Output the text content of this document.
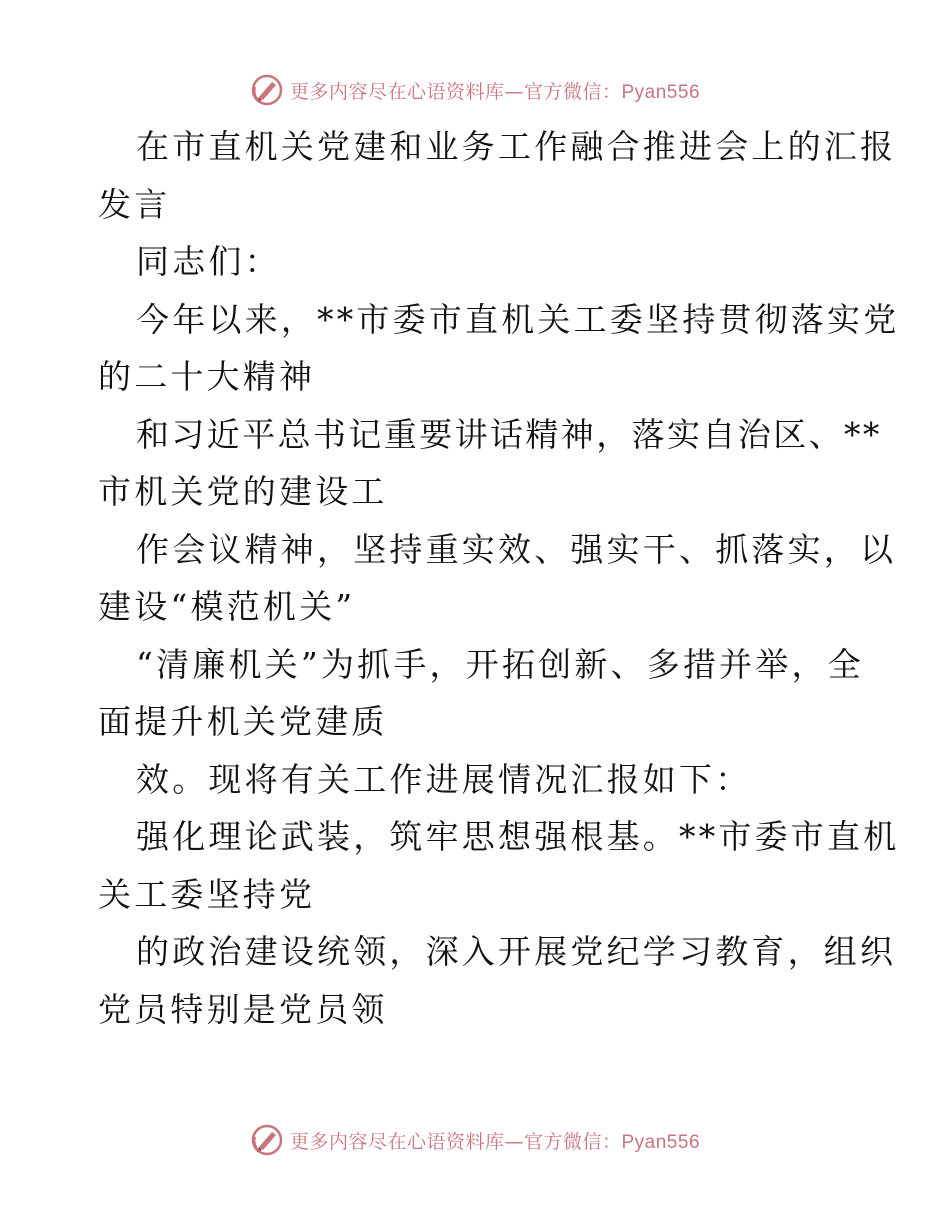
更多内容尽在心语资料库—官方微信：Pyan556
在市直机关党建和业务工作融合推进会上的汇报
发言
同志们：
今年以来，**市委市直机关工委坚持贯彻落实党
的二十大精神
和习近平总书记重要讲话精神，落实自治区、**
市机关党的建设工
作会议精神，坚持重实效、强实干、抓落实，以
建设“模范机关”
“清廉机关”为抓手，开拓创新、多措并举，全
面提升机关党建质
效。现将有关工作进展情况汇报如下：
强化理论武装，筑牢思想强根基。**市委市直机
关工委坚持党
的政治建设统领，深入开展党纪学习教育，组织
党员特别是党员领
更多内容尽在心语资料库—官方微信：Pyan556
